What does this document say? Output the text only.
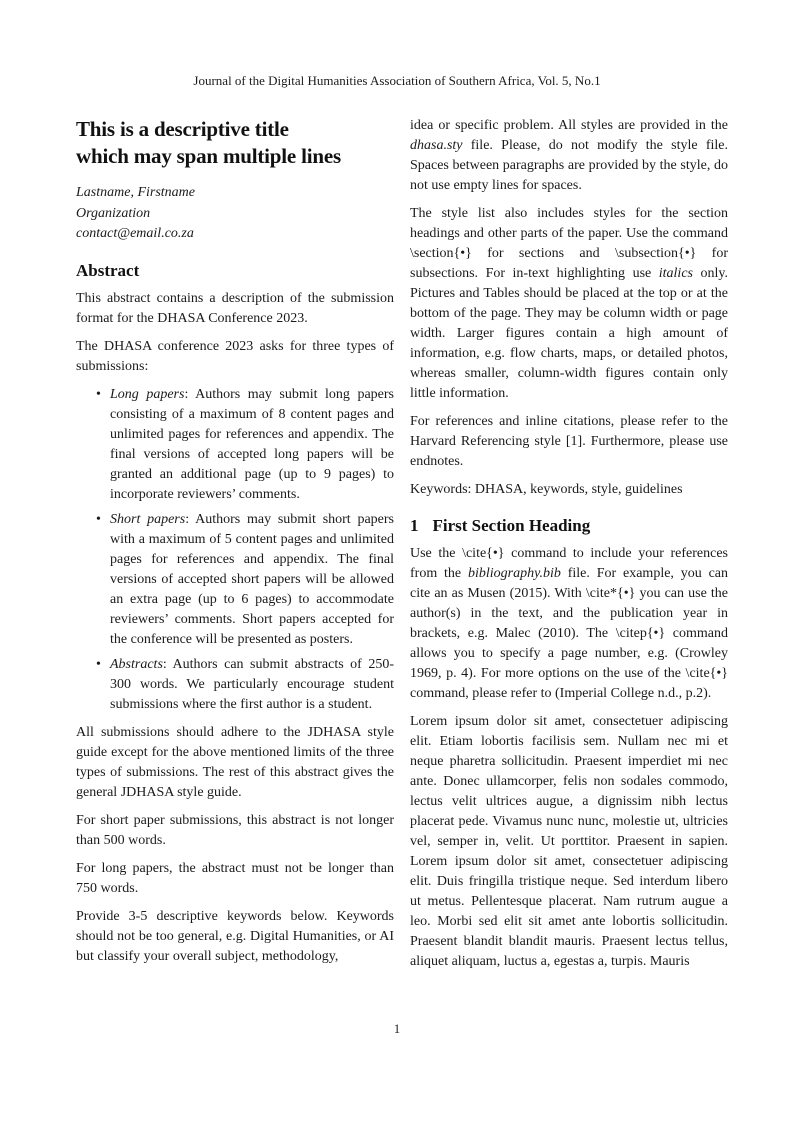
Journal of the Digital Humanities Association of Southern Africa, Vol. 5, No.1
This is a descriptive title
which may span multiple lines
Lastname, Firstname
Organization
contact@email.co.za
Abstract

This abstract contains a description of the submission format for the DHASA Conference 2023.

The DHASA conference 2023 asks for three types of submissions:

• Long papers: Authors may submit long papers consisting of a maximum of 8 content pages and unlimited pages for references and appendix. The final versions of accepted long papers will be granted an additional page (up to 9 pages) to incorporate reviewers’ comments.
• Short papers: Authors may submit short papers with a maximum of 5 content pages and unlimited pages for references and appendix. The final versions of accepted short papers will be allowed an extra page (up to 6 pages) to accommodate reviewers’ comments. Short papers accepted for the conference will be presented as posters.
• Abstracts: Authors can submit abstracts of 250-300 words. We particularly encourage student submissions where the first author is a student.

All submissions should adhere to the JDHASA style guide except for the above mentioned limits of the three types of submissions. The rest of this abstract gives the general JDHASA style guide.

For short paper submissions, this abstract is not longer than 500 words.

For long papers, the abstract must not be longer than 750 words.

Provide 3-5 descriptive keywords below. Keywords should not be too general, e.g. Digital Humanities, or AI but classify your overall subject, methodology,

idea or specific problem. All styles are provided in the dhasa.sty file. Please, do not modify the style file. Spaces between paragraphs are provided by the style, do not use empty lines for spaces.

The style list also includes styles for the section headings and other parts of the paper. Use the command \section{•} for sections and \subsection{•} for subsections. For in-text highlighting use italics only. Pictures and Tables should be placed at the top or at the bottom of the page. They may be column width or page width. Larger figures contain a high amount of information, e.g. flow charts, maps, or detailed photos, whereas smaller, column-width figures contain only little information.

For references and inline citations, please refer to the Harvard Referencing style [1]. Furthermore, please use endnotes.

Keywords: DHASA, keywords, style, guidelines

1 First Section Heading

Use the \cite{•} command to include your references from the bibliography.bib file. For example, you can cite an as Musen (2015). With \cite*{•} you can use the author(s) in the text, and the publication year in brackets, e.g. Malec (2010). The \citep{•} command allows you to specify a page number, e.g. (Crowley 1969, p. 4). For more options on the use of the \cite{•} command, please refer to (Imperial College n.d., p.2).

Lorem ipsum dolor sit amet, consectetuer adipiscing elit. Etiam lobortis facilisis sem. Nullam nec mi et neque pharetra sollicitudin. Praesent imperdiet mi nec ante. Donec ullamcorper, felis non sodales commodo, lectus velit ultrices augue, a dignissim nibh lectus placerat pede. Vivamus nunc nunc, molestie ut, ultricies vel, semper in, velit. Ut porttitor. Praesent in sapien. Lorem ipsum dolor sit amet, consectetuer adipiscing elit. Duis fringilla tristique neque. Sed interdum libero ut metus. Pellentesque placerat. Nam rutrum augue a leo. Morbi sed elit sit amet ante lobortis sollicitudin. Praesent blandit blandit mauris. Praesent lectus tellus, aliquet aliquam, luctus a, egestas a, turpis. Mauris

1
